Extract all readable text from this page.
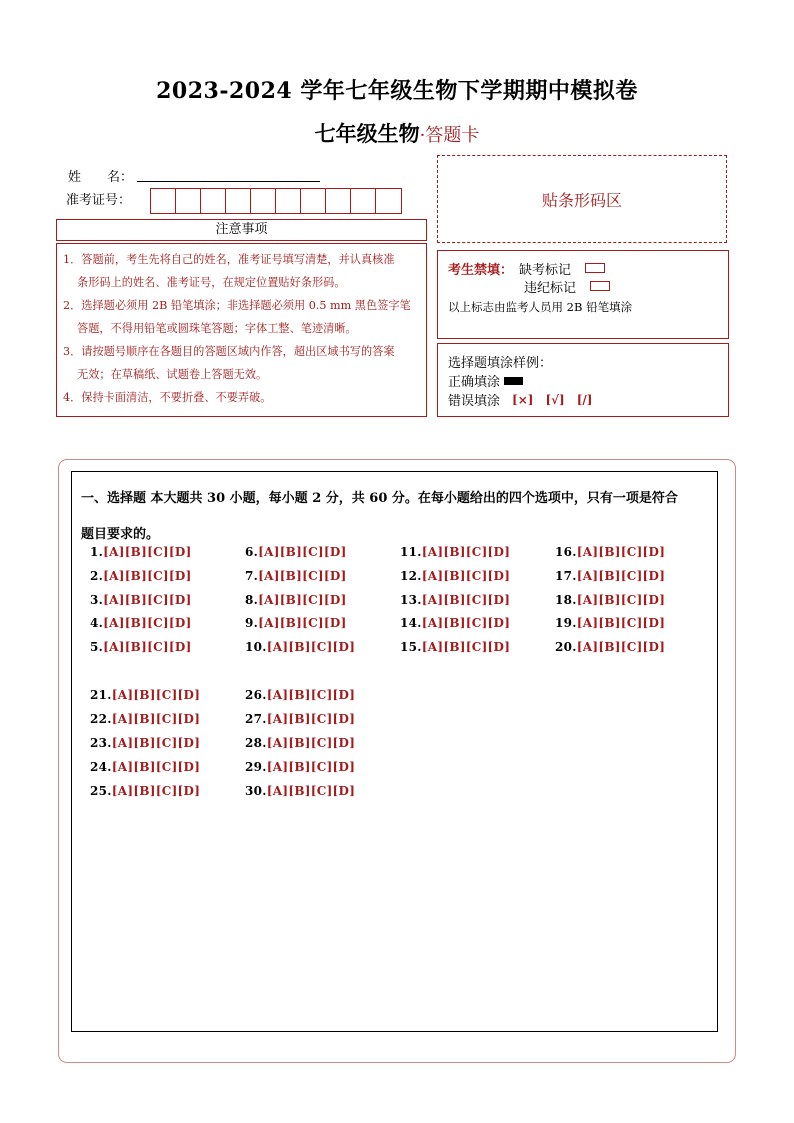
2023-2024 学年七年级生物下学期期中模拟卷
七年级生物·答题卡
姓　　名：
准考证号：	贴条形码区
注意事项
1．答题前，考生先将自己的姓名，准考证号填写清楚，并认真核准
条形码上的姓名、准考证号，在规定位置贴好条形码。
2．选择题必须用 2B 铅笔填涂；非选择题必须用 0.5 mm 黑色签字笔
答题，不得用铅笔或圆珠笔答题；字体工整、笔迹清晰。
3．请按题号顺序在各题目的答题区域内作答，超出区域书写的答案
无效；在草稿纸、试题卷上答题无效。
4．保持卡面清洁，不要折叠、不要弄破。
考生禁填： 缺考标记
违纪标记
以上标志由监考人员用 2B 铅笔填涂
选择题填涂样例：
正确填涂
错误填涂 [×] [√] [/]
一、选择题 本大题共 30 小题，每小题 2 分，共 60 分。在每小题给出的四个选项中，只有一项是符合
题目要求的。
1.[A][B][C][D]
2.[A][B][C][D]
3.[A][B][C][D]
4.[A][B][C][D]
5.[A][B][C][D]
6.[A][B][C][D]
7.[A][B][C][D]
8.[A][B][C][D]
9.[A][B][C][D]
10.[A][B][C][D]
11.[A][B][C][D]
12.[A][B][C][D]
13.[A][B][C][D]
14.[A][B][C][D]
15.[A][B][C][D]
16.[A][B][C][D]
17.[A][B][C][D]
18.[A][B][C][D]
19.[A][B][C][D]
20.[A][B][C][D]
21.[A][B][C][D]
22.[A][B][C][D]
23.[A][B][C][D]
24.[A][B][C][D]
25.[A][B][C][D]
26.[A][B][C][D]
27.[A][B][C][D]
28.[A][B][C][D]
29.[A][B][C][D]
30.[A][B][C][D]
